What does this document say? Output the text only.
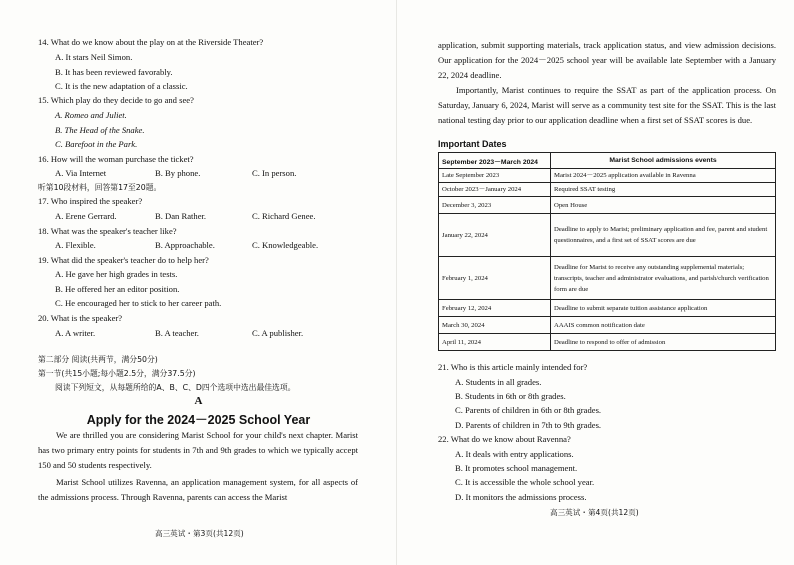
14. What do we know about the play on at the Riverside Theater?
A. It stars Neil Simon.
B. It has been reviewed favorably.
C. It is the new adaptation of a classic.
15. Which play do they decide to go and see?
A. Romeo and Juliet.
B. The Head of the Snake.
C. Barefoot in the Park.
16. How will the woman purchase the ticket?
A. Via Internet	B. By phone.	C. In person.
听第10段材料，回答第17至20题。
17. Who inspired the speaker?
A. Erene Gerrard.	B. Dan Rather.	C. Richard Genee.
18. What was the speaker's teacher like?
A. Flexible.	B. Approachable.	C. Knowledgeable.
19. What did the speaker's teacher do to help her?
A. He gave her high grades in tests.
B. He offered her an editor position.
C. He encouraged her to stick to her career path.
20. What is the speaker?
A. A writer.	B. A teacher.	C. A publisher.
第二部分 阅读(共两节，满分50分)
第一节(共15小题;每小题2.5分，满分37.5分)
阅读下列短文，从每题所给的A、B、C、D四个选项中选出最佳选项。
A
Apply for the 2024－2025 School Year
We are thrilled you are considering Marist School for your child's next chapter. Marist has two primary entry points for students in 7th and 9th grades to which we typically accept 150 and 50 students respectively.
Marist School utilizes Ravenna, an application management system, for all aspects of the admissions process. Through Ravenna, parents can access the Marist
高三英试・第3页(共12页)
application, submit supporting materials, track application status, and view admission decisions. Our application for the 2024－2025 school year will be available late September with a January 22, 2024 deadline.
Importantly, Marist continues to require the SSAT as part of the application process. On Saturday, January 6, 2024, Marist will serve as a community test site for the SSAT. This is the last national testing day prior to our application deadline when a first set of SSAT scores is due.
Important Dates
September 2023－March 2024	Marist School admissions events
Late September 2023	Marist 2024－2025 application available in Ravenna
October 2023－January 2024	Required SSAT testing
December 3, 2023	Open House
January 22, 2024	Deadline to apply to Marist; preliminary application and fee, parent and student questionnaires, and a first set of SSAT scores are due
February 1, 2024	Deadline for Marist to receive any outstanding supplemental materials; transcripts, teacher and administrator evaluations, and parish/church verification form are due
February 12, 2024	Deadline to submit separate tuition assistance application
March 30, 2024	AAAIS common notification date
April 11, 2024	Deadline to respond to offer of admission
21. Who is this article mainly intended for?
A. Students in all grades.
B. Students in 6th or 8th grades.
C. Parents of children in 6th or 8th grades.
D. Parents of children in 7th to 9th grades.
22. What do we know about Ravenna?
A. It deals with entry applications.
B. It promotes school management.
C. It is accessible the whole school year.
D. It monitors the admissions process.
高三英试・第4页(共12页)
